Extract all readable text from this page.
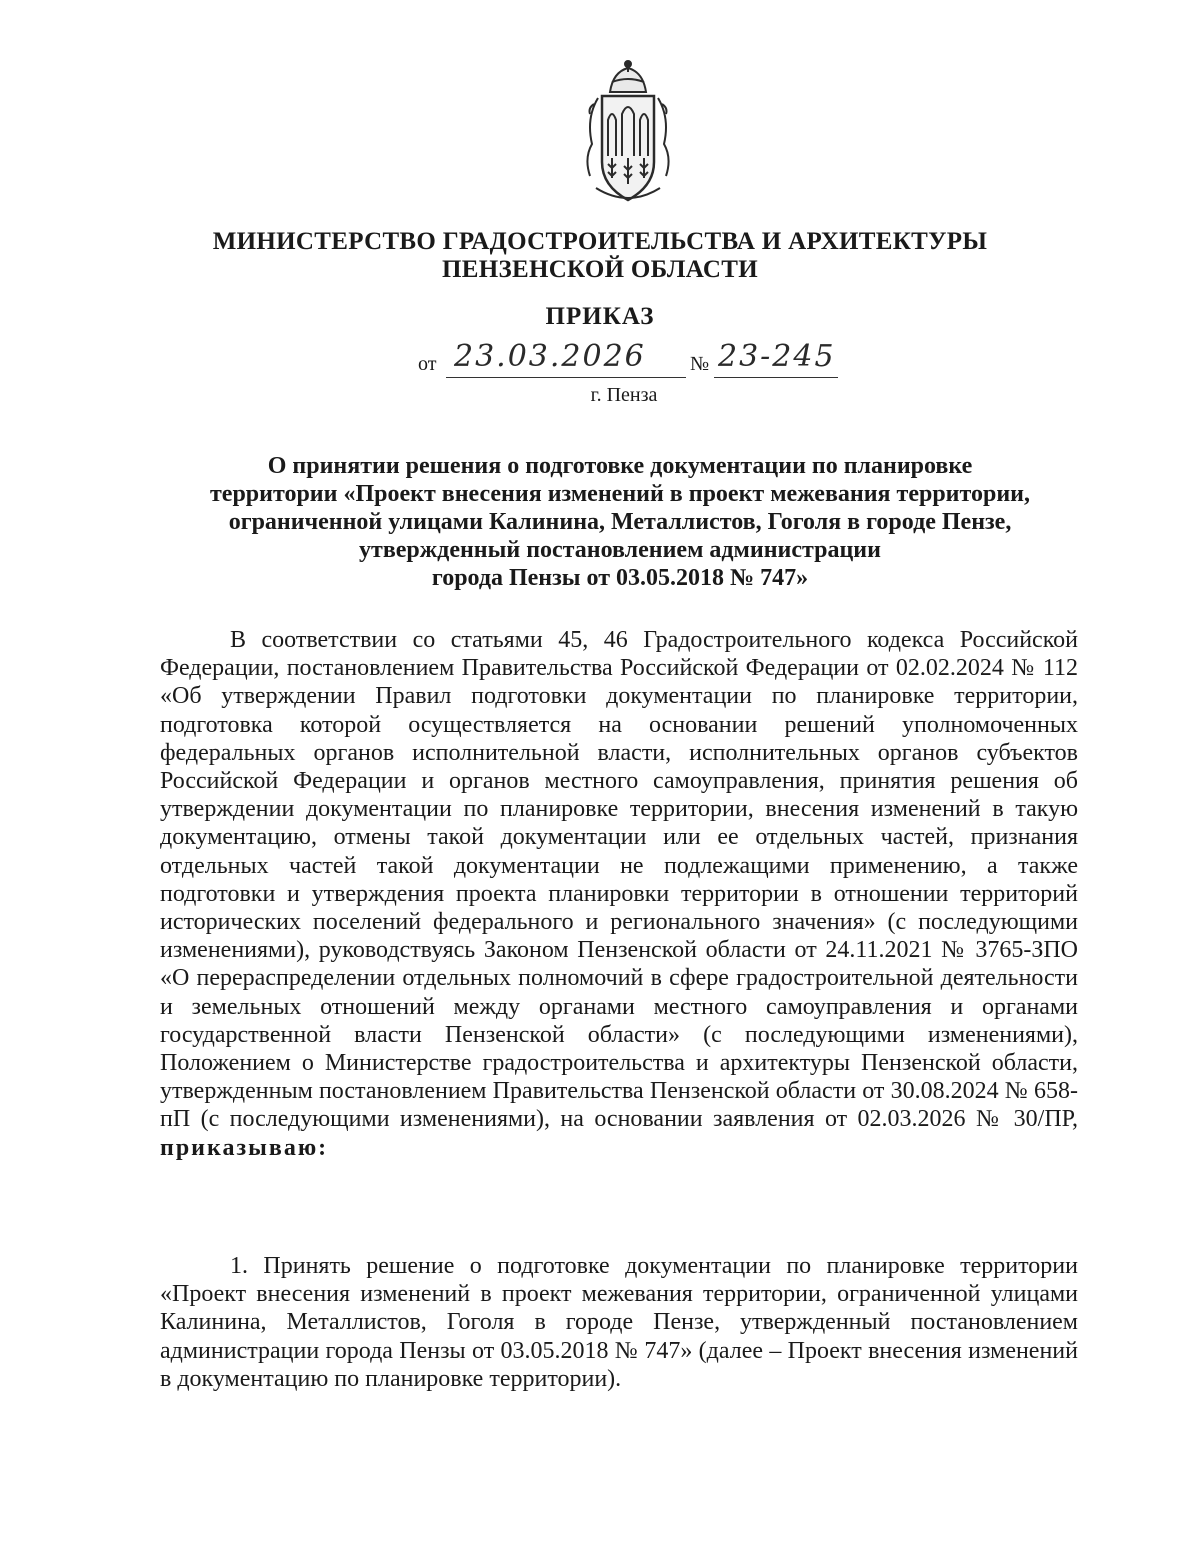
МИНИСТЕРСТВО ГРАДОСТРОИТЕЛЬСТВА И АРХИТЕКТУРЫ
ПЕНЗЕНСКОЙ ОБЛАСТИ
ПРИКАЗ
от 23.03.2026 № 23-245
г. Пенза
О принятии решения о подготовке документации по планировке
территории «Проект внесения изменений в проект межевания территории,
ограниченной улицами Калинина, Металлистов, Гоголя в городе Пензе,
утвержденный постановлением администрации
города Пензы от 03.05.2018 № 747»

В соответствии со статьями 45, 46 Градостроительного кодекса Российской Федерации, постановлением Правительства Российской Федерации от 02.02.2024 № 112 «Об утверждении Правил подготовки документации по планировке территории, подготовка которой осуществляется на основании решений уполномоченных федеральных органов исполнительной власти, исполнительных органов субъектов Российской Федерации и органов местного самоуправления, принятия решения об утверждении документации по планировке территории, внесения изменений в такую документацию, отмены такой документации или ее отдельных частей, признания отдельных частей такой документации не подлежащими применению, а также подготовки и утверждения проекта планировки территории в отношении территорий исторических поселений федерального и регионального значения» (с последующими изменениями), руководствуясь Законом Пензенской области от 24.11.2021 № 3765-ЗПО «О перераспределении отдельных полномочий в сфере градостроительной деятельности и земельных отношений между органами местного самоуправления и органами государственной власти Пензенской области» (с последующими изменениями), Положением о Министерстве градостроительства и архитектуры Пензенской области, утвержденным постановлением Правительства Пензенской области от 30.08.2024 № 658-пП (с последующими изменениями), на основании заявления от 02.03.2026 № 30/ПР, приказываю:

1. Принять решение о подготовке документации по планировке территории «Проект внесения изменений в проект межевания территории, ограниченной улицами Калинина, Металлистов, Гоголя в городе Пензе, утвержденный постановлением администрации города Пензы от 03.05.2018 № 747» (далее – Проект внесения изменений в документацию по планировке территории).
